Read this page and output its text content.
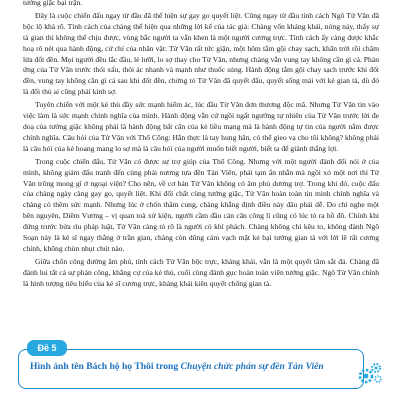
tướng giặc bại trận.

Đây là cuộc chiến đấu ngay từ đầu đã thể hiện sự gay go quyết liệt. Cũng ngay từ đầu tính cách Ngô Tử Văn đã bộc lộ khá rõ. Tính cách của chàng thể hiện qua những lời kể của tác giả: Chàng vốn khảng khái, nóng nảy, thấy sự tà gian thì không thể chịu được, vùng bắc người ta vẫn khen là một người cương trực. Tính cách ấy càng được khắc hoạ rõ nét qua hành động, cử chỉ của nhân vật: Tử Văn rất tức giận, một hôm tắm gội chay sạch, khấn trời rồi châm lửa đốt đền. Mọi người đều lắc đầu, lè lưỡi, lo sợ thay cho Tử Văn, nhưng chàng vẫn vung tay không cần gì cả. Phản ứng của Tử Văn trước thói xấu, thói ác nhanh và mạnh như thuốc súng. Hành động tắm gội chay sạch trước khi đốt đền, vung tay không cần gì cả sau khi đốt đền, chứng tỏ Tử Văn đã quyết đấu, quyết sống mái với kẻ gian tà, dù đó là đối thủ ai cũng phải kinh sợ.

Tuyên chiến với một kẻ thù đầy sức mạnh hiểm ác, lúc đầu Tử Văn đơn thương độc mã. Nhưng Tử Văn tin vào việc làm là sức mạnh chính nghĩa của mình. Hành động vẫn cứ ngồi ngất ngưởng tự nhiên của Tử Văn trước lời đe doạ của tướng giặc không phải là hành động bất cẩn của kẻ liều mạng mà là hành động tự tin của người nắm được chính nghĩa. Câu hỏi của Tử Văn với Thổ Công: Hắn thực là tay hung hãn, có thể gieo vạ cho tôi không? không phải là câu hỏi của kẻ hoang mang lo sợ mà là câu hỏi của người muốn biết người, biết ta để giành thắng lợi.

Trong cuộc chiến đấu, Tử Văn có được sự trợ giúp của Thổ Công. Nhưng với một người đành đối nói ở của mình, không giám đấu tranh đến cùng phải nương tựa đền Tản Viên, phải tạm ẩn nhẫn mà ngồi xó một nơi thì Tử Văn trông mong gì ở ngoại viện? Cho nên, về cơ bản Tử Văn không có âm phù dương trợ. Trong khi đó, cuộc đấu của chàng ngày càng gay go, quyết liệt. Khi đối chất cùng tướng giặc, Tử Văn hoàn toàn tin mình chính nghĩa và chàng có thêm sức mạnh. Nhưng lúc ở chốn thâm cung, chàng khẳng định điều này đâu phải dễ. Do chỉ nghe một bên nguyên, Diêm Vương – vị quan toà xử kiện, người cầm đầu cán cân công lí cũng có lúc tỏ ra hồ đồ. Chính khi đứng trước bửa rìu pháp luật, Tử Văn càng tỏ rõ là người có khí phách. Chàng không chỉ kêu to, không đành Ngô Soạn này là kẻ sĩ ngay thẳng ở trần gian, chàng còn dũng cảm vạch mặt kẻ bại tướng gian tà với lời lẽ rất cương chính, không chùn nhụt chút nào.

Giữa chốn công đường âm phủ, tính cách Tử Văn bộc trực, khảng khái, vẫn là một quyết tâm sắt đá. Chàng đã đánh lui tất cả sự phản công, khẳng cự của kẻ thù, cuối cùng đánh gục hoàn toàn viên tướng giặc. Ngô Tử Văn chính là hình tượng tiêu biểu của kẻ sĩ cương trực, khảng khái kiên quyết chống gian tà.

Đề 5
Hình ảnh tên Bách hộ họ Thôi trong Chuyện chức phán sự đền Tản Viên
